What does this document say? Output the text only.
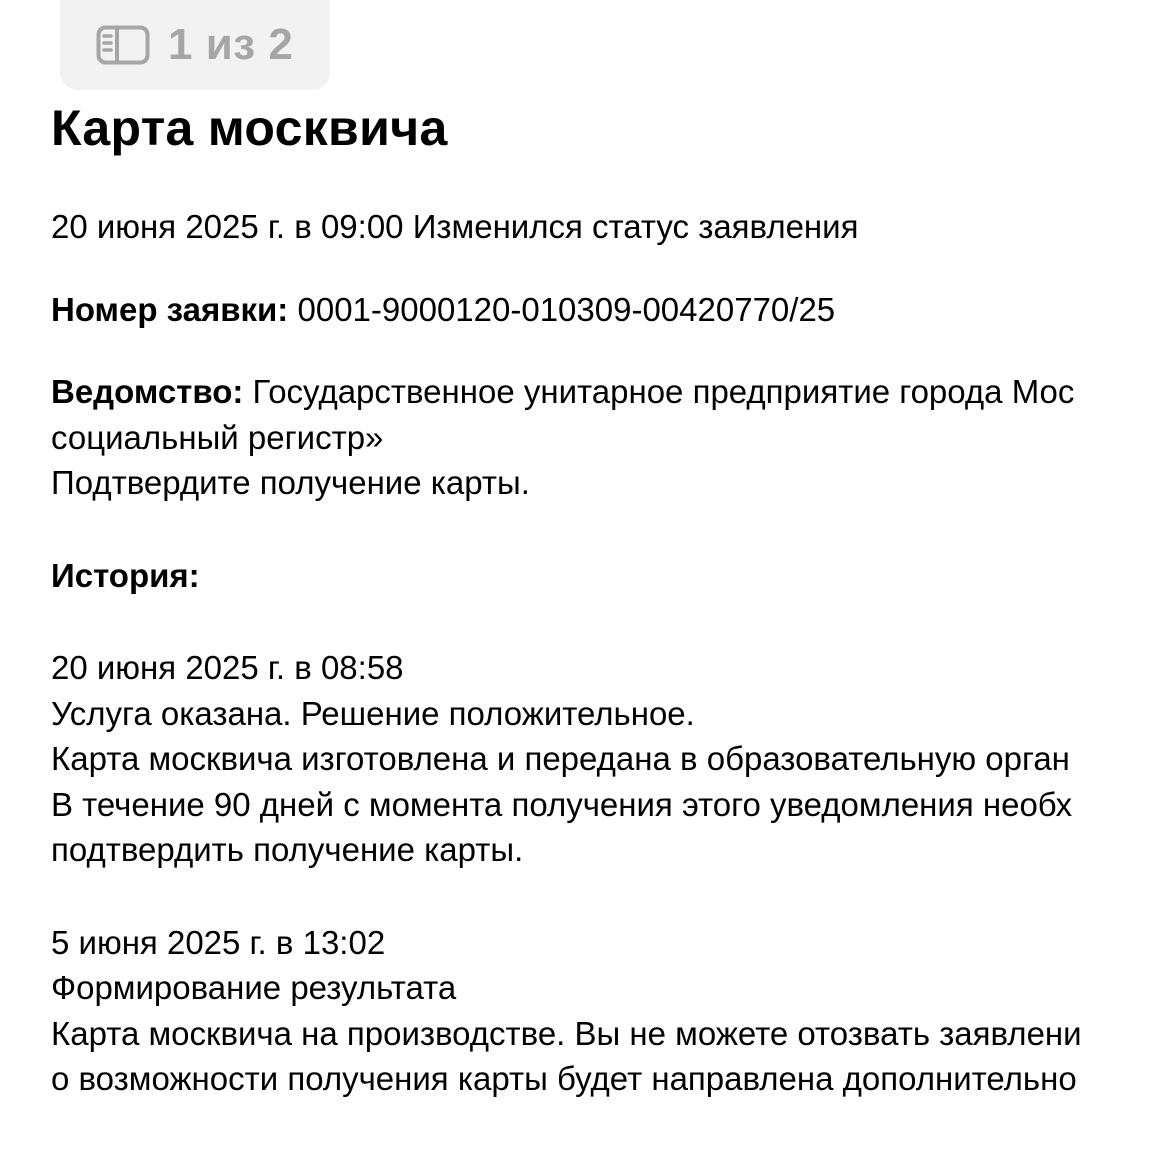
1 из 2
Карта москвича

20 июня 2025 г. в 09:00 Изменился статус заявления

Номер заявки: 0001-9000120-010309-00420770/25

Ведомство: Государственное унитарное предприятие города Мос

социальный регистр»

Подтвердите получение карты.

История:

20 июня 2025 г. в 08:58

Услуга оказана. Решение положительное.

Карта москвича изготовлена и передана в образовательную орган

В течение 90 дней с момента получения этого уведомления необх

подтвердить получение карты.

5 июня 2025 г. в 13:02

Формирование результата

Карта москвича на производстве. Вы не можете отозвать заявлени

о возможности получения карты будет направлена дополнительно
